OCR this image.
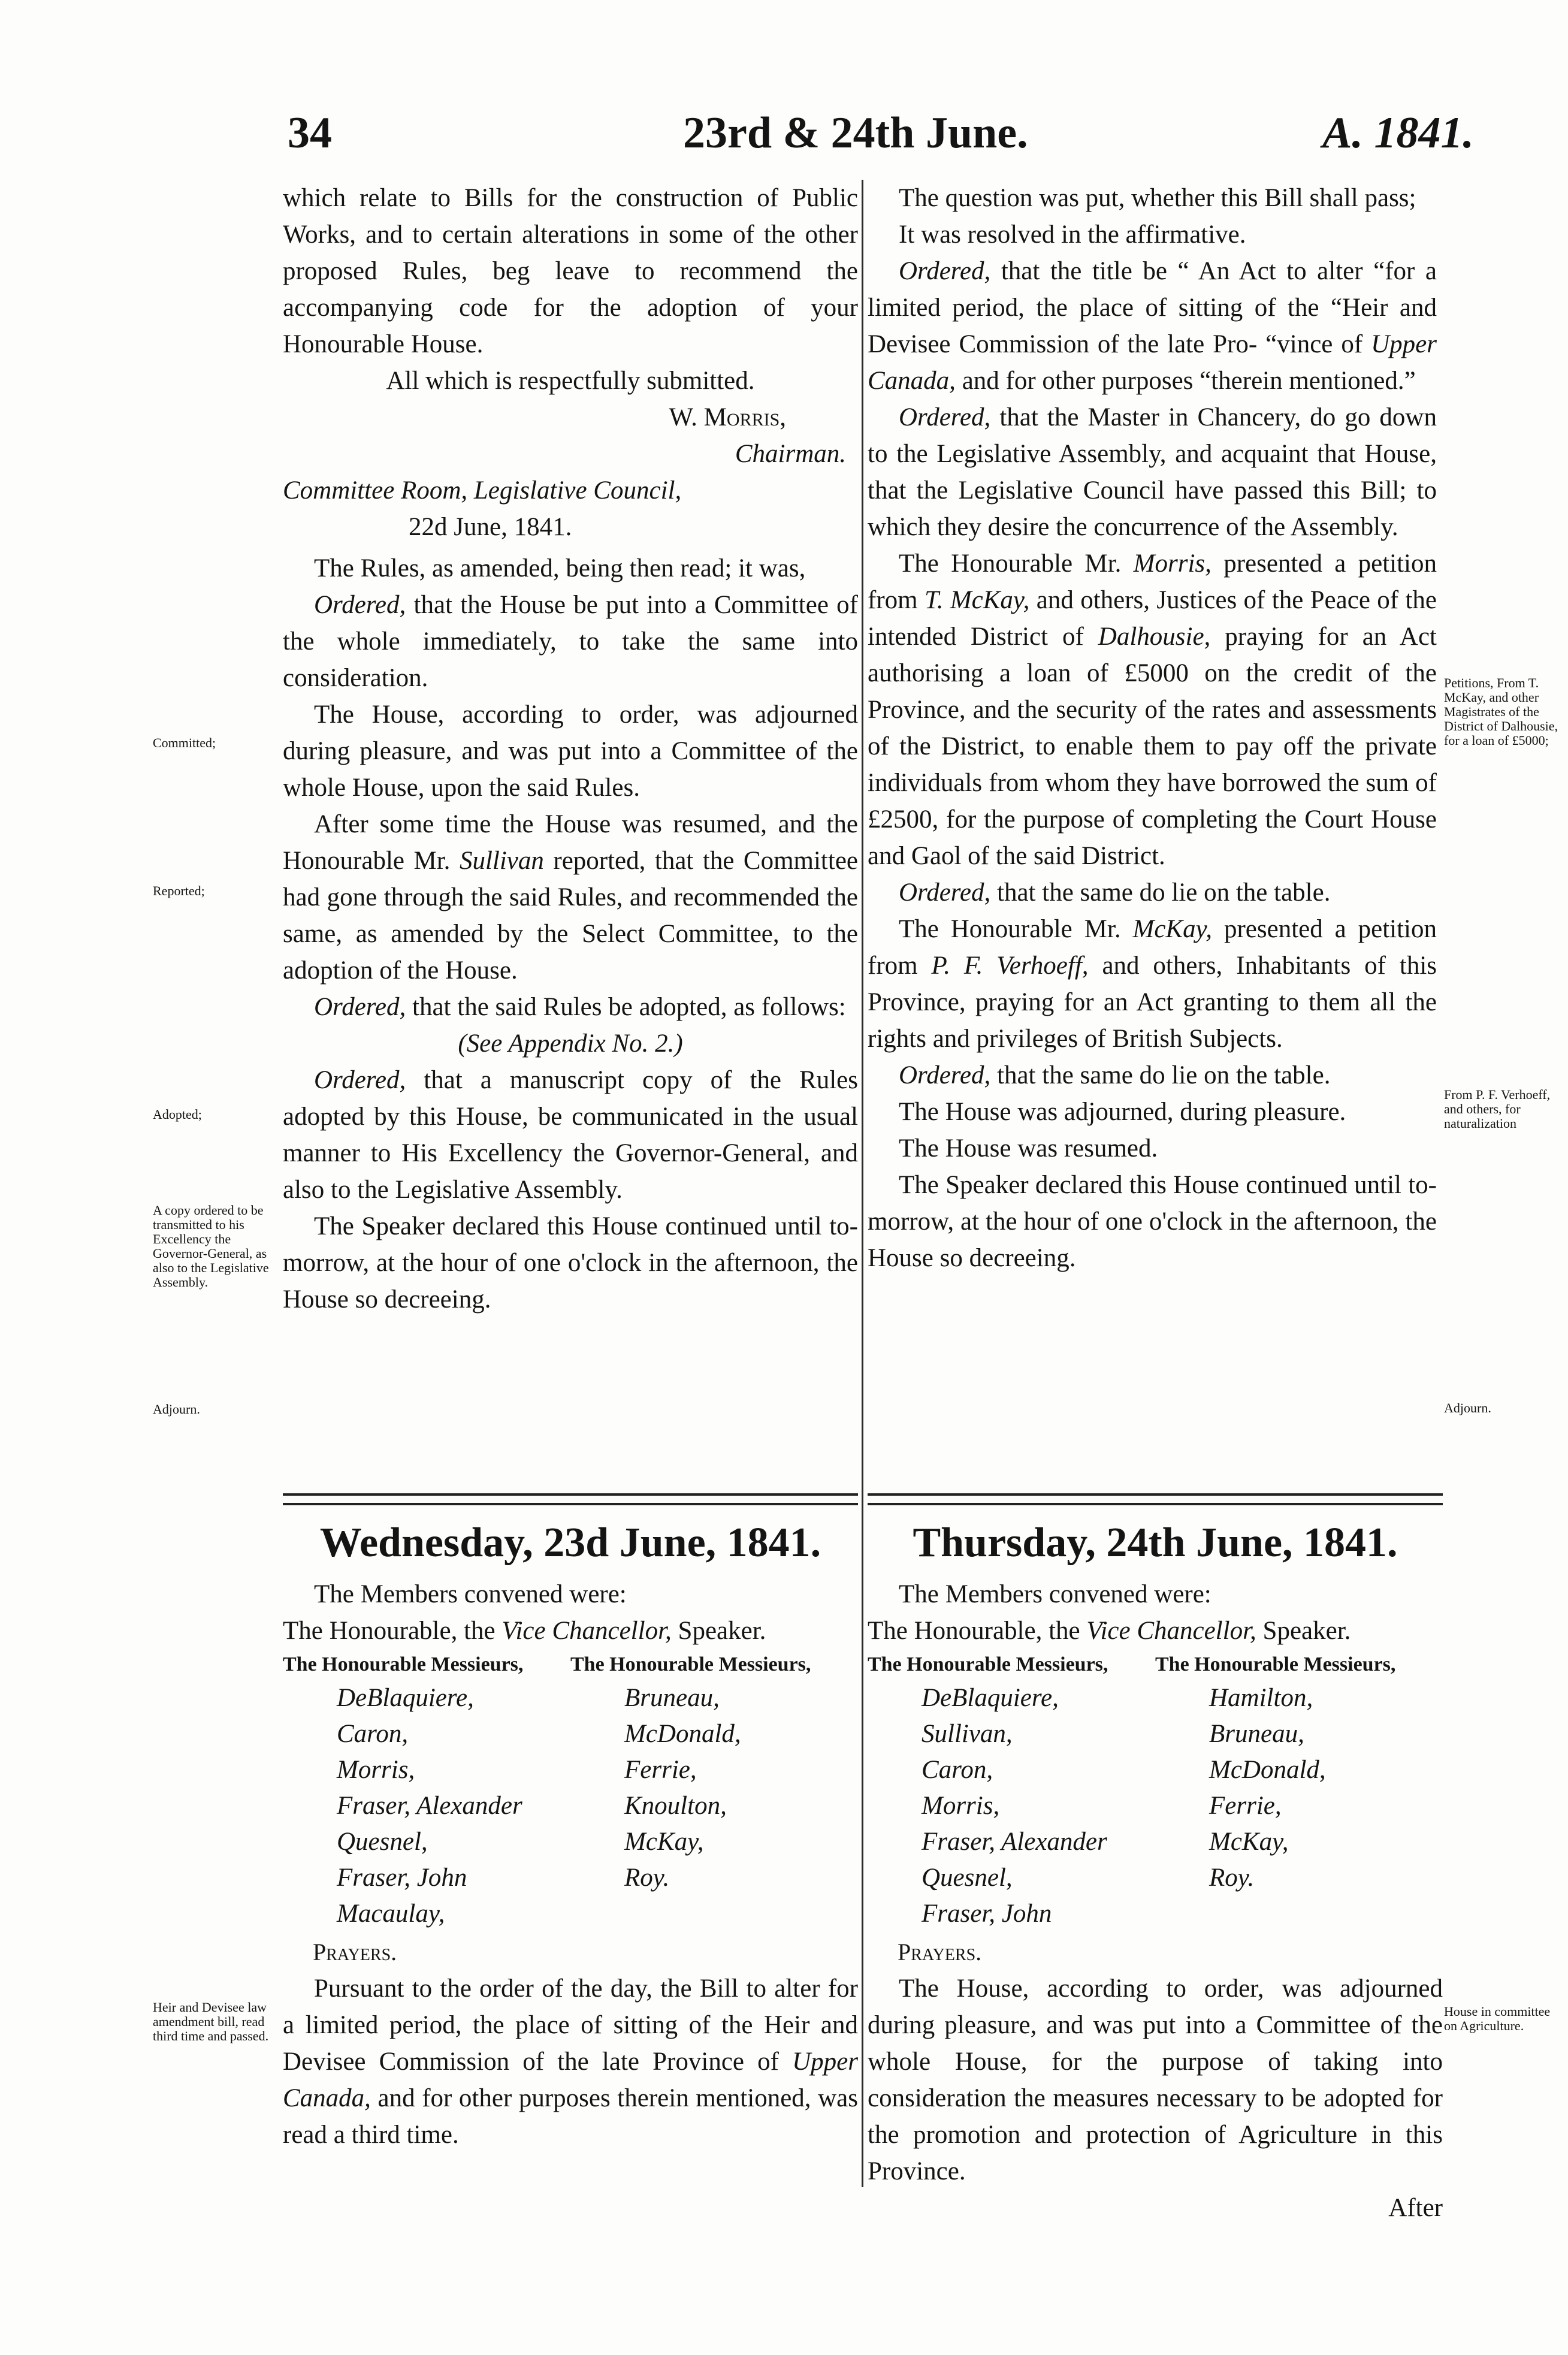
34	23rd & 24th June.	A. 1841.

which relate to Bills for the construction of Public Works, and to certain alterations in some of the other proposed Rules, beg leave to recommend the accompanying code for the adoption of your Honourable House.

All which is respectfully submitted.

W. Morris,

Chairman.

Committee Room, Legislative Council,

22d June, 1841.

The Rules, as amended, being then read; it was,

Ordered, that the House be put into a Committee of the whole immediately, to take the same into consideration.

The House, according to order, was adjourned during pleasure, and was put into a Committee of the whole House, upon the said Rules.

After some time the House was resumed, and the Honourable Mr. Sullivan reported, that the Committee had gone through the said Rules, and recommended the same, as amended by the Select Committee, to the adoption of the House.

Ordered, that the said Rules be adopted, as follows:

(See Appendix No. 2.)

Ordered, that a manuscript copy of the Rules adopted by this House, be communicated in the usual manner to His Excellency the Governor-General, and also to the Legislative Assembly.

The Speaker declared this House continued until to-morrow, at the hour of one o'clock in the afternoon, the House so decreeing.

The question was put, whether this Bill shall pass;

It was resolved in the affirmative.

Ordered, that the title be “ An Act to alter “for a limited period, the place of sitting of the “Heir and Devisee Commission of the late Pro- “vince of Upper Canada, and for other purposes “therein mentioned.”

Ordered, that the Master in Chancery, do go down to the Legislative Assembly, and acquaint that House, that the Legislative Council have passed this Bill; to which they desire the concurrence of the Assembly.

The Honourable Mr. Morris, presented a petition from T. McKay, and others, Justices of the Peace of the intended District of Dalhousie, praying for an Act authorising a loan of £5000 on the credit of the Province, and the security of the rates and assessments of the District, to enable them to pay off the private individuals from whom they have borrowed the sum of £2500, for the purpose of completing the Court House and Gaol of the said District.

Ordered, that the same do lie on the table.

The Honourable Mr. McKay, presented a petition from P. F. Verhoeff, and others, Inhabitants of this Province, praying for an Act granting to them all the rights and privileges of British Subjects.

Ordered, that the same do lie on the table.

The House was adjourned, during pleasure.

The House was resumed.

The Speaker declared this House continued until to-morrow, at the hour of one o'clock in the afternoon, the House so decreeing.

Wednesday, 23d June, 1841.

The Members convened were:

The Honourable, the Vice Chancellor, Speaker.

The Honourable Messieurs,
DeBlaquiere,
Caron,
Morris,
Fraser, Alexander
Quesnel,
Fraser, John
Macaulay,
The Honourable Messieurs,
Bruneau,
McDonald,
Ferrie,
Knoulton,
McKay,
Roy.
Prayers.

Pursuant to the order of the day, the Bill to alter for a limited period, the place of sitting of the Heir and Devisee Commission of the late Province of Upper Canada, and for other purposes therein mentioned, was read a third time.

Thursday, 24th June, 1841.

The Members convened were:

The Honourable, the Vice Chancellor, Speaker.

The Honourable Messieurs,
DeBlaquiere,
Sullivan,
Caron,
Morris,
Fraser, Alexander
Quesnel,
Fraser, John
The Honourable Messieurs,
Hamilton,
Bruneau,
McDonald,
Ferrie,
McKay,
Roy.
Prayers.

The House, according to order, was adjourned during pleasure, and was put into a Committee of the whole House, for the purpose of taking into consideration the measures necessary to be adopted for the promotion and protection of Agriculture in this Province.

After

Committed;
Reported;
Adopted;
A copy ordered to be transmitted to his Excellency the Governor-General, as also to the Legislative Assembly.
Adjourn.
Heir and Devisee law amendment bill, read third time and passed.
Petitions, From T. McKay, and other Magistrates of the District of Dalhousie, for a loan of £5000;
From P. F. Verhoeff, and others, for naturalization
Adjourn.
House in committee on Agriculture.
